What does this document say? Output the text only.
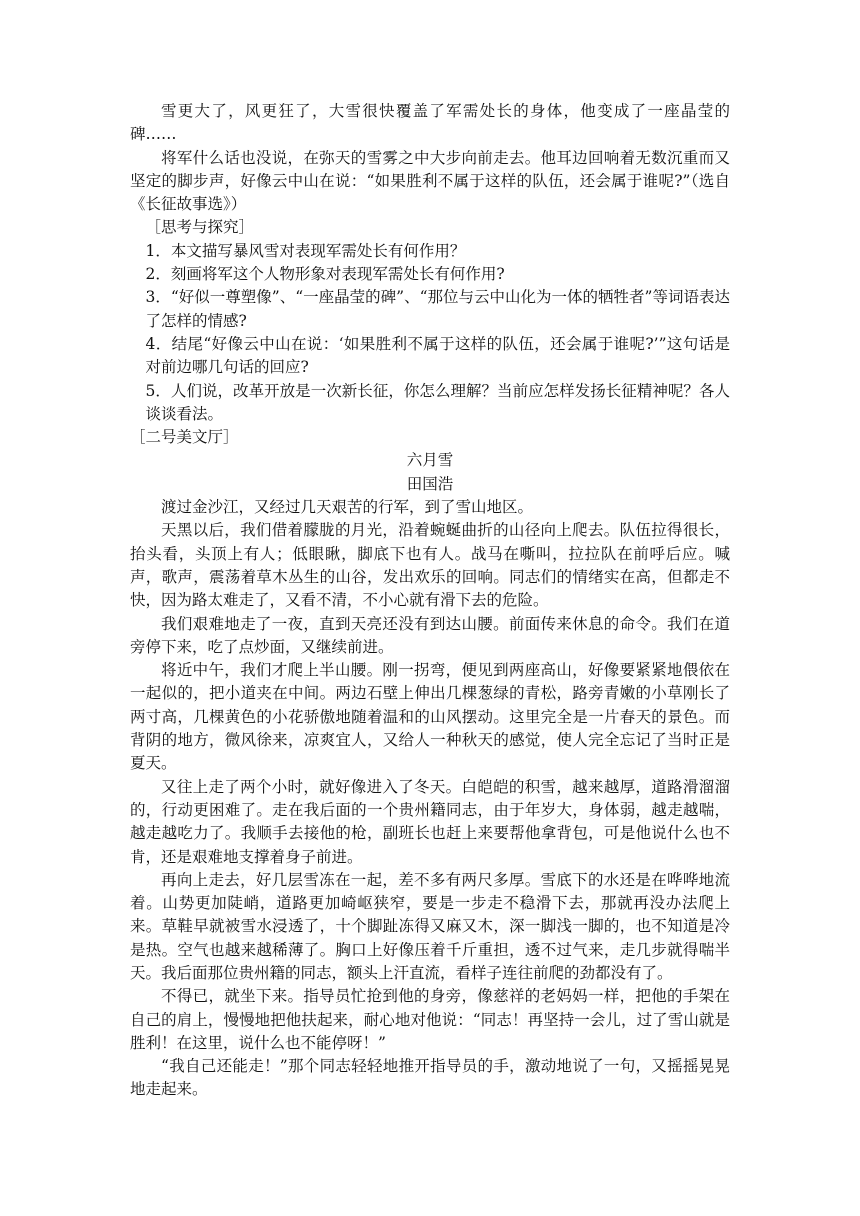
雪更大了，风更狂了，大雪很快覆盖了军需处长的身体，他变成了一座晶莹的碑……

将军什么话也没说，在弥天的雪雾之中大步向前走去。他耳边回响着无数沉重而又坚定的脚步声，好像云中山在说：“如果胜利不属于这样的队伍，还会属于谁呢?”（选自《长征故事选》）

［思考与探究］

1．本文描写暴风雪对表现军需处长有何作用？

2．刻画将军这个人物形象对表现军需处长有何作用?

3．“好似一尊塑像”、“一座晶莹的碑”、“那位与云中山化为一体的牺牲者”等词语表达了怎样的情感?

4．结尾“好像云中山在说：‘如果胜利不属于这样的队伍，还会属于谁呢?’”这句话是对前边哪几句话的回应?

5．人们说，改革开放是一次新长征，你怎么理解？当前应怎样发扬长征精神呢？各人谈谈看法。

［二号美文厅］

六月雪

田国浩

渡过金沙江，又经过几天艰苦的行军，到了雪山地区。

天黑以后，我们借着朦胧的月光，沿着蜿蜒曲折的山径向上爬去。队伍拉得很长，抬头看，头顶上有人；低眼瞅，脚底下也有人。战马在嘶叫，拉拉队在前呼后应。喊声，歌声，震荡着草木丛生的山谷，发出欢乐的回响。同志们的情绪实在高，但都走不快，因为路太难走了，又看不清，不小心就有滑下去的危险。

我们艰难地走了一夜，直到天亮还没有到达山腰。前面传来休息的命令。我们在道旁停下来，吃了点炒面，又继续前进。

将近中午，我们才爬上半山腰。刚一拐弯，便见到两座高山，好像要紧紧地偎依在一起似的，把小道夹在中间。两边石壁上伸出几棵葱绿的青松，路旁青嫩的小草刚长了两寸高，几棵黄色的小花骄傲地随着温和的山风摆动。这里完全是一片春天的景色。而背阴的地方，微风徐来，凉爽宜人，又给人一种秋天的感觉，使人完全忘记了当时正是夏天。

又往上走了两个小时，就好像进入了冬天。白皑皑的积雪，越来越厚，道路滑溜溜的，行动更困难了。走在我后面的一个贵州籍同志，由于年岁大，身体弱，越走越喘，越走越吃力了。我顺手去接他的枪，副班长也赶上来要帮他拿背包，可是他说什么也不肯，还是艰难地支撑着身子前进。

再向上走去，好几层雪冻在一起，差不多有两尺多厚。雪底下的水还是在哗哗地流着。山势更加陡峭，道路更加崎岖狭窄，要是一步走不稳滑下去，那就再没办法爬上来。草鞋早就被雪水浸透了，十个脚趾冻得又麻又木，深一脚浅一脚的，也不知道是冷是热。空气也越来越稀薄了。胸口上好像压着千斤重担，透不过气来，走几步就得喘半天。我后面那位贵州籍的同志，额头上汗直流，看样子连往前爬的劲都没有了。

不得已，就坐下来。指导员忙抢到他的身旁，像慈祥的老妈妈一样，把他的手架在自己的肩上，慢慢地把他扶起来，耐心地对他说：“同志！再坚持一会儿，过了雪山就是胜利！在这里，说什么也不能停呀！”

“我自己还能走！”那个同志轻轻地推开指导员的手，激动地说了一句，又摇摇晃晃地走起来。
